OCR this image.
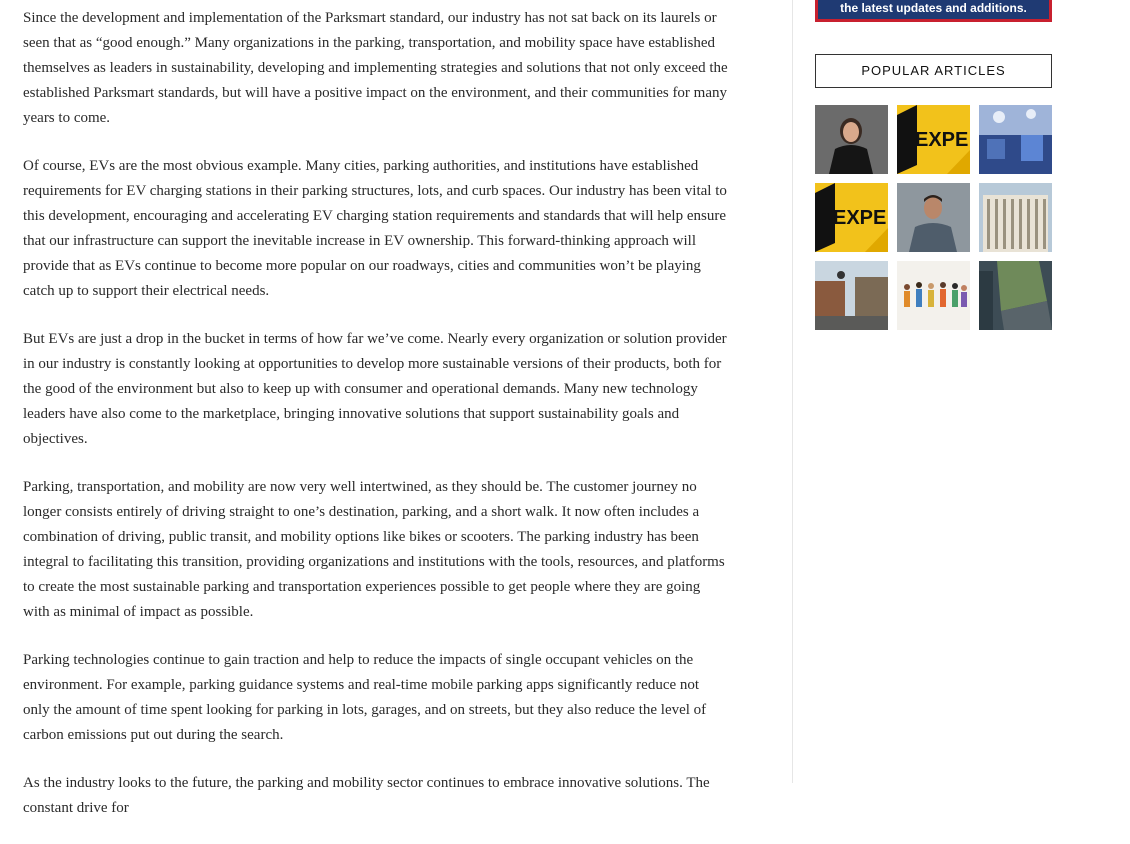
Since the development and implementation of the Parksmart standard, our industry has not sat back on its laurels or seen that as “good enough.” Many organizations in the parking, transportation, and mobility space have established themselves as leaders in sustainability, developing and implementing strategies and solutions that not only exceed the established Parksmart standards, but will have a positive impact on the environment, and their communities for many years to come.

Of course, EVs are the most obvious example. Many cities, parking authorities, and institutions have established requirements for EV charging stations in their parking structures, lots, and curb spaces. Our industry has been vital to this development, encouraging and accelerating EV charging station requirements and standards that will help ensure that our infrastructure can support the inevitable increase in EV ownership. This forward-thinking approach will provide that as EVs continue to become more popular on our roadways, cities and communities won’t be playing catch up to support their electrical needs.

But EVs are just a drop in the bucket in terms of how far we’ve come. Nearly every organization or solution provider in our industry is constantly looking at opportunities to develop more sustainable versions of their products, both for the good of the environment but also to keep up with consumer and operational demands. Many new technology leaders have also come to the marketplace, bringing innovative solutions that support sustainability goals and objectives.

Parking, transportation, and mobility are now very well intertwined, as they should be. The customer journey no longer consists entirely of driving straight to one’s destination, parking, and a short walk. It now often includes a combination of driving, public transit, and mobility options like bikes or scooters. The parking industry has been integral to facilitating this transition, providing organizations and institutions with the tools, resources, and platforms to create the most sustainable parking and transportation experiences possible to get people where they are going with as minimal of impact as possible.

Parking technologies continue to gain traction and help to reduce the impacts of single occupant vehicles on the environment. For example, parking guidance systems and real-time mobile parking apps significantly reduce not only the amount of time spent looking for parking in lots, garages, and on streets, but they also reduce the level of carbon emissions put out during the search.

As the industry looks to the future, the parking and mobility sector continues to embrace innovative solutions. The constant drive for

the latest updates and additions.
POPULAR ARTICLES
EXPE
EXPE
